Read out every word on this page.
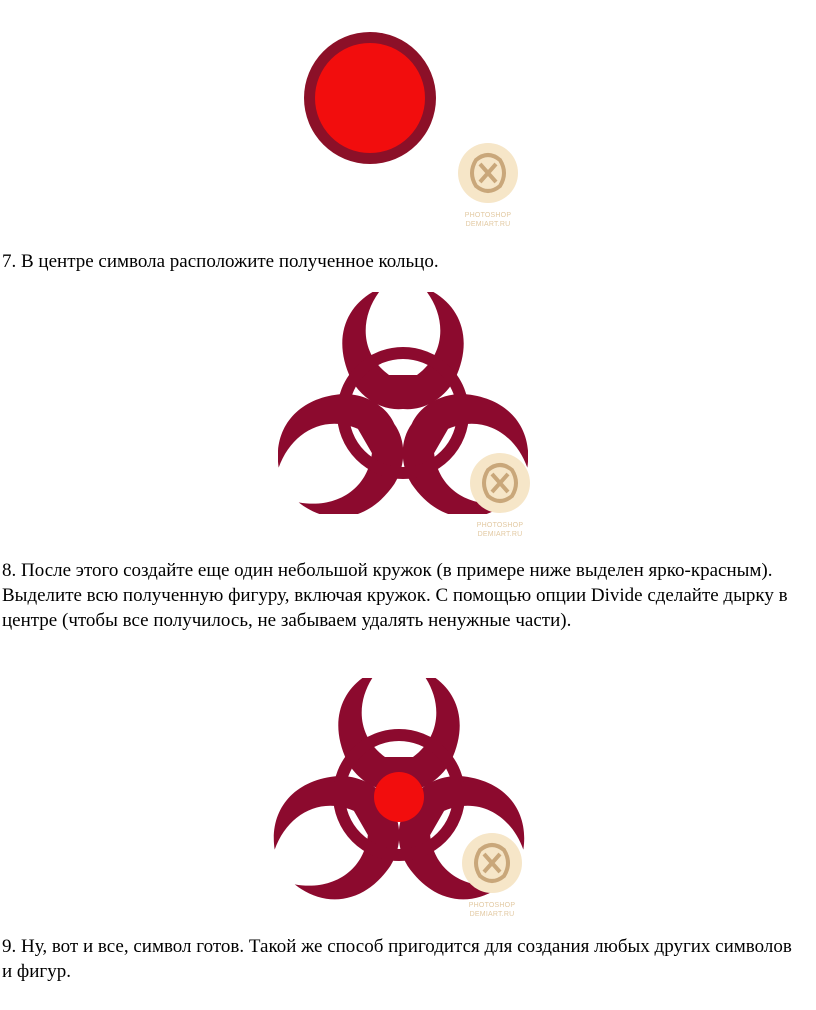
PHOTOSHOP
DEMIART.RU

7. В центре символа расположите полученное кольцо.

PHOTOSHOP
DEMIART.RU

8. После этого создайте еще один небольшой кружок (в примере ниже выделен ярко-красным). Выделите всю полученную фигуру, включая кружок. С помощью опции Divide сделайте дырку в центре (чтобы все получилось, не забываем удалять ненужные части).

PHOTOSHOP
DEMIART.RU

9. Ну, вот и все, символ готов. Такой же способ пригодится для создания любых других символов и фигур.
